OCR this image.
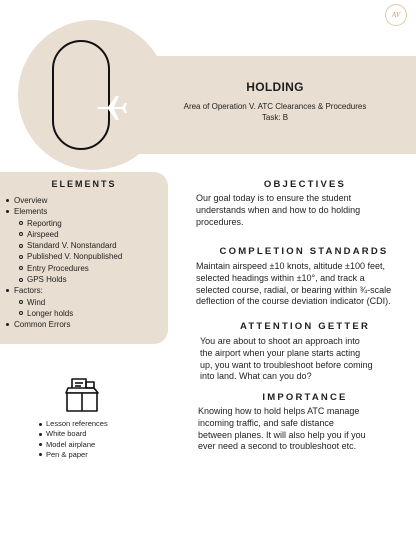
AV
HOLDING
Area of Operation V. ATC Clearances & Procedures
Task: B
ELEMENTS
Overview
Elements
Reporting
Airspeed
Standard V. Nonstandard
Published V. Nonpublished
Entry Procedures
GPS Holds
Factors:
Wind
Longer holds
Common Errors
Lesson references
White board
Model airplane
Pen & paper
OBJECTIVES
Our goal today is to ensure the student
understands when and how to do holding
procedures.
COMPLETION STANDARDS
Maintain airspeed ±10 knots, altitude ±100 feet,
selected headings within ±10°, and track a
selected course, radial, or bearing within ¾-scale
deflection of the course deviation indicator (CDI).
ATTENTION GETTER
You are about to shoot an approach into
the airport when your plane starts acting
up, you want to troubleshoot before coming
into land. What can you do?
IMPORTANCE
Knowing how to hold helps ATC manage
incoming traffic, and safe distance
between planes. It will also help you if you
ever need a second to troubleshoot etc.
